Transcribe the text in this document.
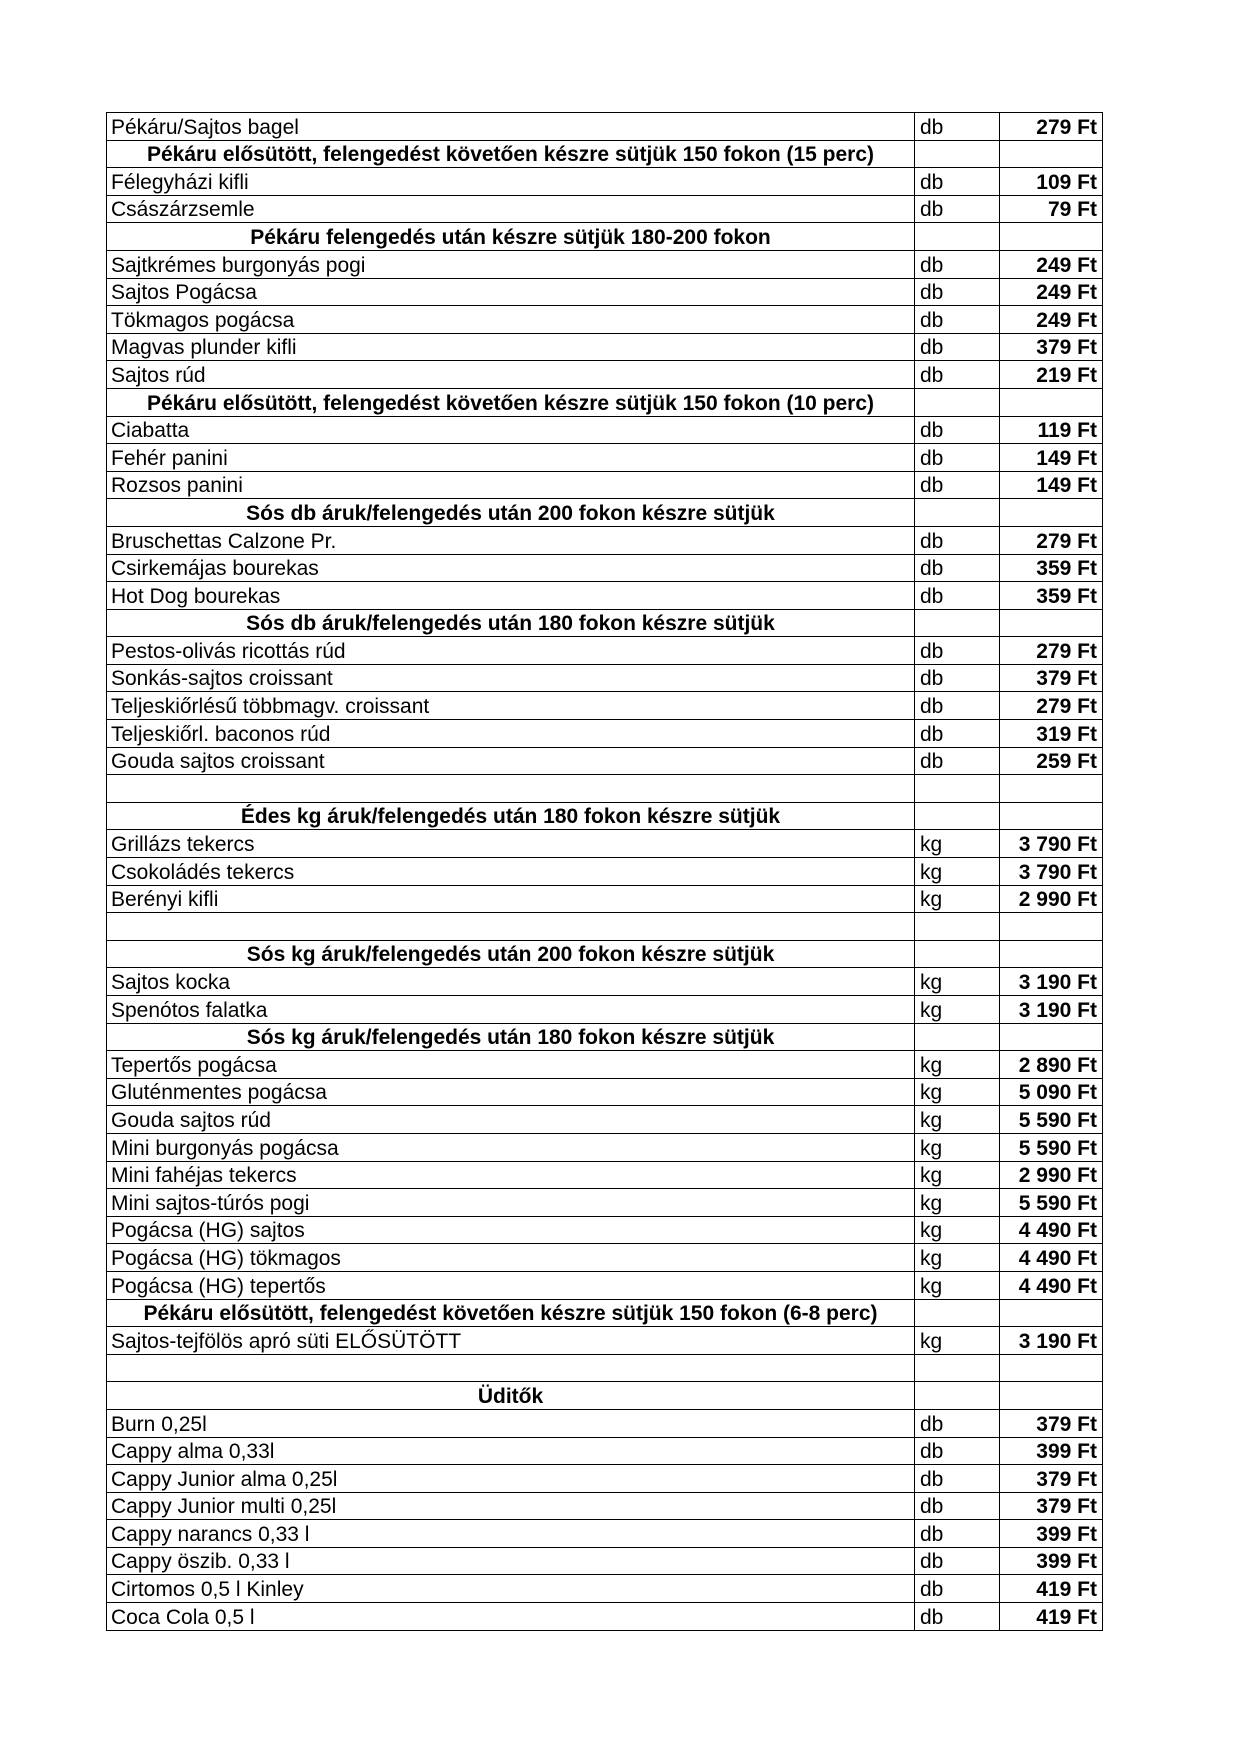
Pékáru/Sajtos bagel	db	279 Ft
Pékáru elősütött, felengedést követően készre sütjük 150 fokon (15 perc)		
Félegyházi kifli	db	109 Ft
Császárzsemle	db	79 Ft
Pékáru felengedés után készre sütjük 180-200 fokon		
Sajtkrémes burgonyás pogi	db	249 Ft
Sajtos Pogácsa	db	249 Ft
Tökmagos pogácsa	db	249 Ft
Magvas plunder kifli	db	379 Ft
Sajtos rúd	db	219 Ft
Pékáru elősütött, felengedést követően készre sütjük 150 fokon (10 perc)		
Ciabatta	db	119 Ft
Fehér panini	db	149 Ft
Rozsos panini	db	149 Ft
Sós db áruk/felengedés után 200 fokon készre sütjük		
Bruschettas Calzone Pr.	db	279 Ft
Csirkemájas bourekas	db	359 Ft
Hot Dog bourekas	db	359 Ft
Sós db áruk/felengedés után 180 fokon készre sütjük		
Pestos-olivás ricottás rúd	db	279 Ft
Sonkás-sajtos croissant	db	379 Ft
Teljeskiőrlésű többmagv. croissant	db	279 Ft
Teljeskiőrl. baconos rúd	db	319 Ft
Gouda sajtos croissant	db	259 Ft

Édes kg áruk/felengedés után 180 fokon készre sütjük		
Grillázs tekercs	kg	3 790 Ft
Csokoládés tekercs	kg	3 790 Ft
Berényi kifli	kg	2 990 Ft

Sós kg áruk/felengedés után 200 fokon készre sütjük		
Sajtos kocka	kg	3 190 Ft
Spenótos falatka	kg	3 190 Ft
Sós kg áruk/felengedés után 180 fokon készre sütjük		
Tepertős pogácsa	kg	2 890 Ft
Gluténmentes pogácsa	kg	5 090 Ft
Gouda sajtos rúd	kg	5 590 Ft
Mini burgonyás pogácsa	kg	5 590 Ft
Mini fahéjas tekercs	kg	2 990 Ft
Mini sajtos-túrós pogi	kg	5 590 Ft
Pogácsa (HG) sajtos	kg	4 490 Ft
Pogácsa (HG) tökmagos	kg	4 490 Ft
Pogácsa (HG) tepertős	kg	4 490 Ft
Pékáru elősütött, felengedést követően készre sütjük 150 fokon (6-8 perc)		
Sajtos-tejfölös apró süti ELŐSÜTÖTT	kg	3 190 Ft

Üditők		
Burn 0,25l	db	379 Ft
Cappy alma 0,33l	db	399 Ft
Cappy Junior alma 0,25l	db	379 Ft
Cappy Junior multi 0,25l	db	379 Ft
Cappy narancs 0,33 l	db	399 Ft
Cappy öszib. 0,33 l	db	399 Ft
Cirtomos 0,5 l Kinley	db	419 Ft
Coca Cola 0,5 l	db	419 Ft
